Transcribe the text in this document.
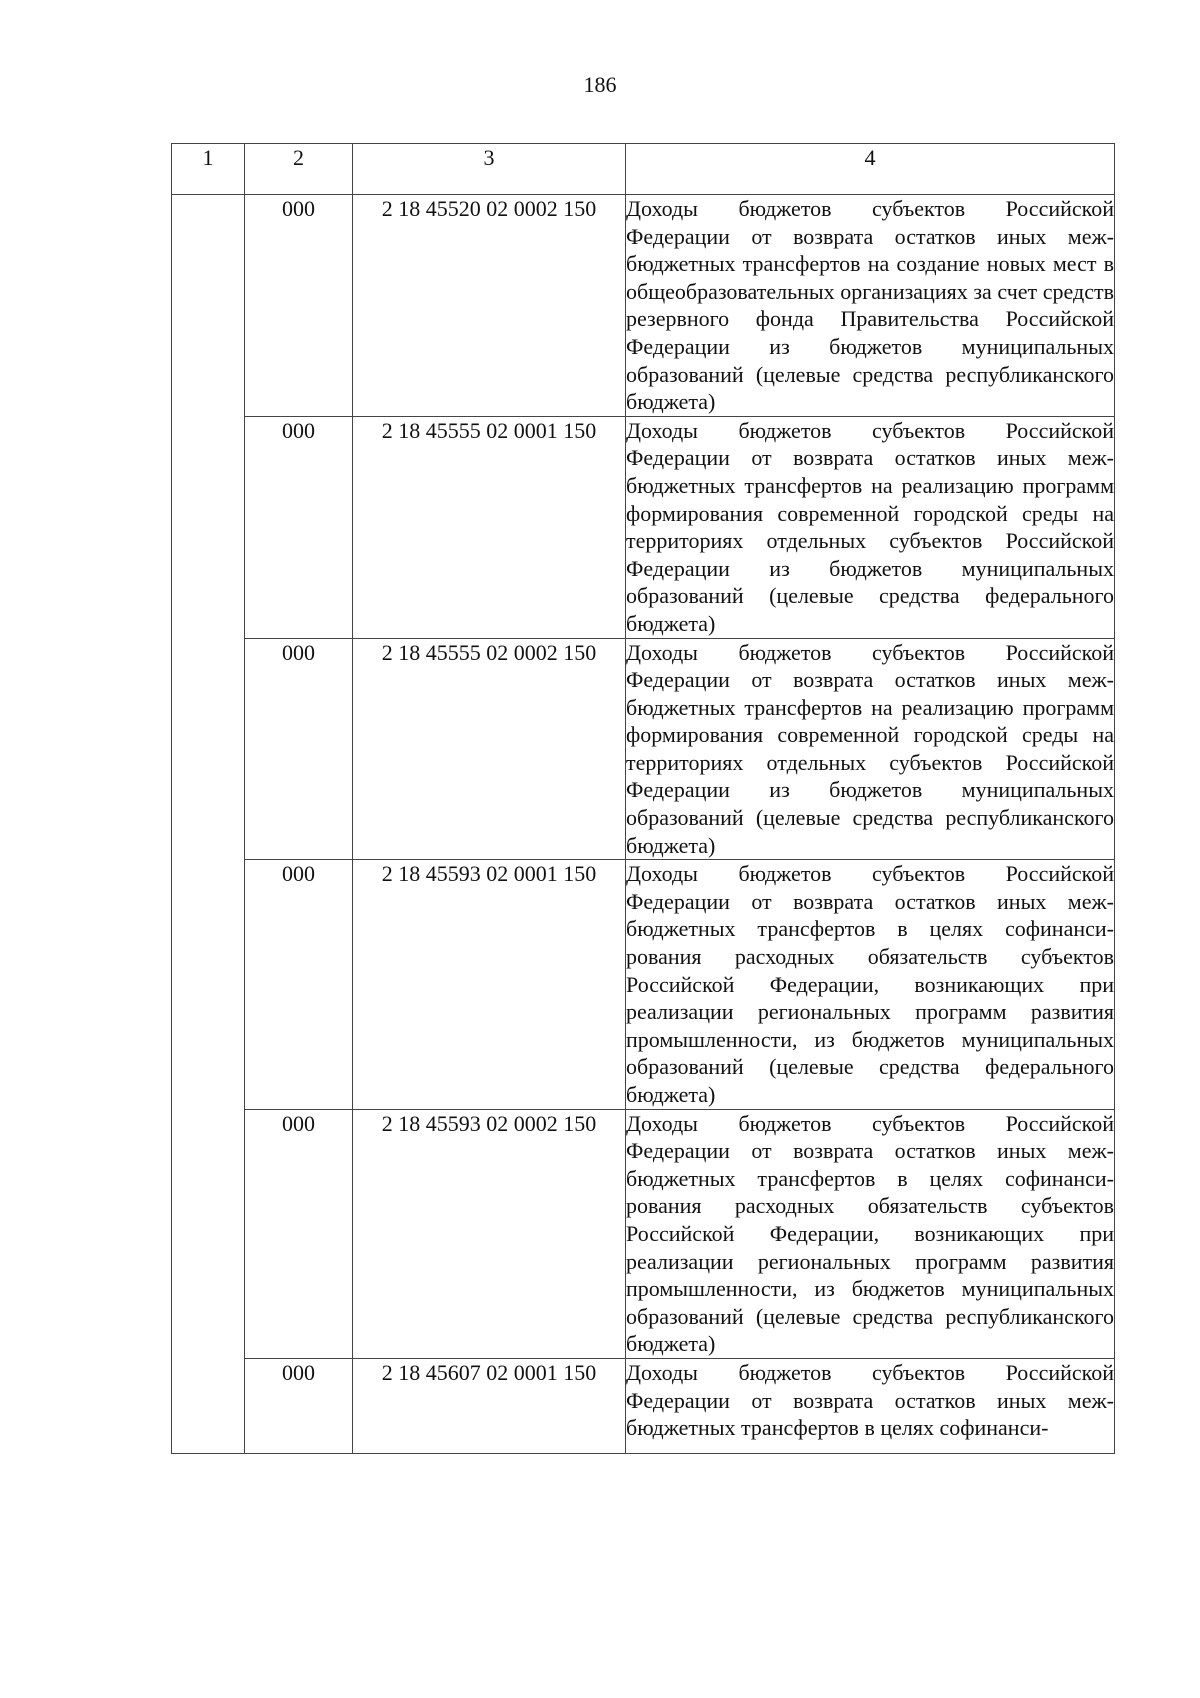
186
1	2	3	4
	000	2 18 45520 02 0002 150	Доходы бюджетов субъектов Российской Федерации от возврата остатков иных межбюджетных трансфертов на создание новых мест в общеобразовательных организациях за счет средств резервного фонда Правительства Российской Федерации из бюджетов муниципальных образований (целевые средства республиканского бюджета)
	000	2 18 45555 02 0001 150	Доходы бюджетов субъектов Российской Федерации от возврата остатков иных межбюджетных трансфертов на реализацию программ формирования современной городской среды на территориях отдельных субъектов Российской Федерации из бюджетов муниципальных образований (целевые средства федерального бюджета)
	000	2 18 45555 02 0002 150	Доходы бюджетов субъектов Российской Федерации от возврата остатков иных межбюджетных трансфертов на реализацию программ формирования современной городской среды на территориях отдельных субъектов Российской Федерации из бюджетов муниципальных образований (целевые средства республиканского бюджета)
	000	2 18 45593 02 0001 150	Доходы бюджетов субъектов Российской Федерации от возврата остатков иных межбюджетных трансфертов в целях софинансирования расходных обязательств субъектов Российской Федерации, возникающих при реализации региональных программ развития промышленности, из бюджетов муниципальных образований (целевые средства федерального бюджета)
	000	2 18 45593 02 0002 150	Доходы бюджетов субъектов Российской Федерации от возврата остатков иных межбюджетных трансфертов в целях софинансирования расходных обязательств субъектов Российской Федерации, возникающих при реализации региональных программ развития промышленности, из бюджетов муниципальных образований (целевые средства республиканского бюджета)
	000	2 18 45607 02 0001 150	Доходы бюджетов субъектов Российской Федерации от возврата остатков иных межбюджетных трансфертов в целях софинанси-
